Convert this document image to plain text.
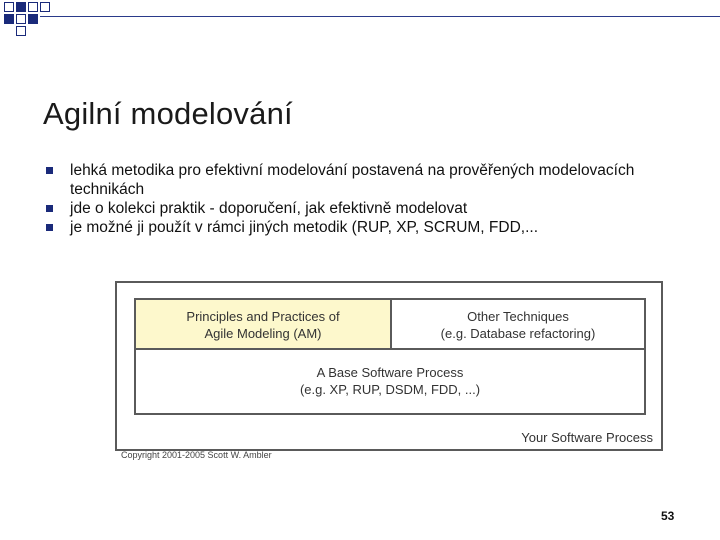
Agilní modelování
lehká metodika pro efektivní modelování postavená na prověřených modelovacích technikách
jde o kolekci praktik - doporučení, jak efektivně modelovat
je možné ji použít v rámci jiných metodik (RUP, XP, SCRUM, FDD,...
Principles and Practices of
Agile Modeling (AM)
Other Techniques
(e.g. Database refactoring)
A Base Software Process
(e.g. XP, RUP, DSDM, FDD, ...)
Your Software Process
Copyright 2001-2005 Scott W. Ambler
53
